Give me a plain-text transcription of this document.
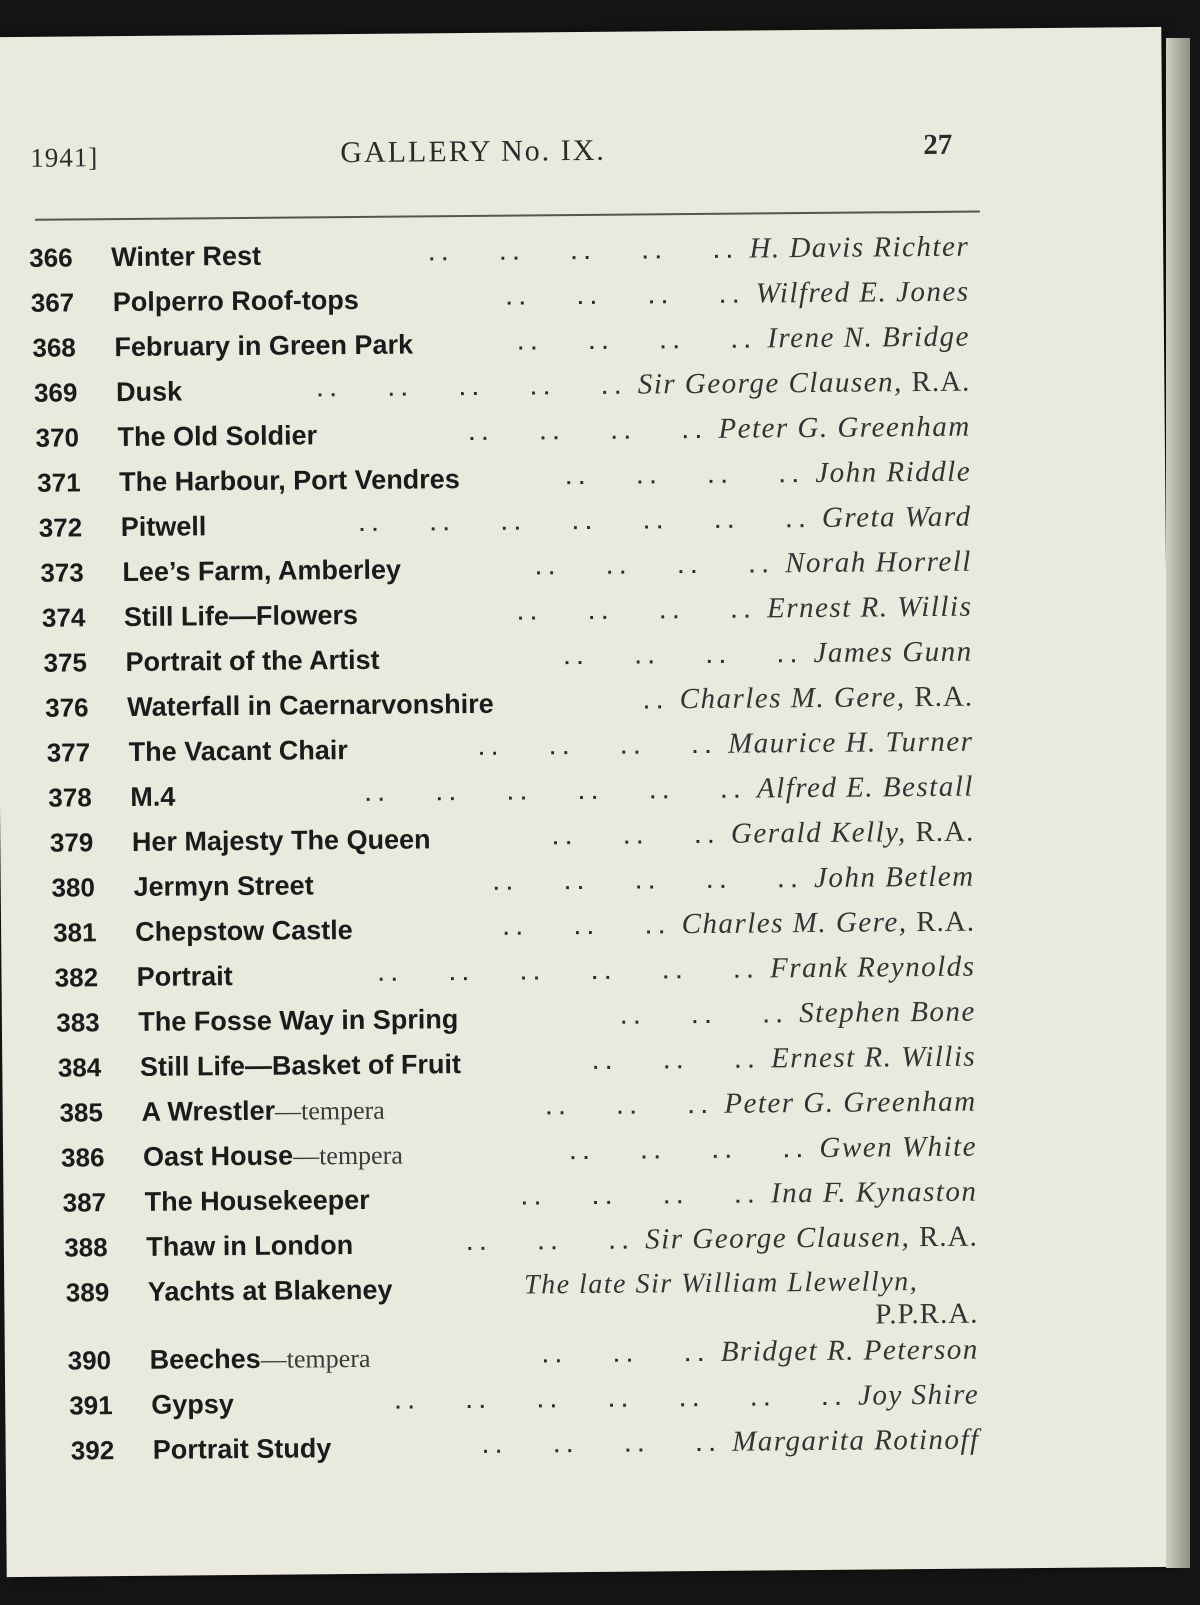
1941]	GALLERY No. IX.	27
366	Winter Rest	H. Davis Richter
..   ..   ..   ..   ..
367	Polperro Roof-tops	Wilfred E. Jones
..   ..   ..   ..
368	February in Green Park	Irene N. Bridge
..   ..   ..   ..
369	Dusk	Sir George Clausen, R.A.
..   ..   ..   ..   ..
370	The Old Soldier	Peter G. Greenham
..   ..   ..   ..
371	The Harbour, Port Vendres	John Riddle
..   ..   ..   ..
372	Pitwell	Greta Ward
..   ..   ..   ..   ..   ..   ..
373	Lee’s Farm, Amberley	Norah Horrell
..   ..   ..   ..
374	Still Life—Flowers	Ernest R. Willis
..   ..   ..   ..
375	Portrait of the Artist	James Gunn
..   ..   ..   ..
376	Waterfall in Caernarvonshire	Charles M. Gere, R.A.
..
377	The Vacant Chair	Maurice H. Turner
..   ..   ..   ..
378	M.4	Alfred E. Bestall
..   ..   ..   ..   ..   ..
379	Her Majesty The Queen	Gerald Kelly, R.A.
..   ..   ..
380	Jermyn Street	John Betlem
..   ..   ..   ..   ..
381	Chepstow Castle	Charles M. Gere, R.A.
..   ..   ..
382	Portrait	Frank Reynolds
..   ..   ..   ..   ..   ..
383	The Fosse Way in Spring	Stephen Bone
..   ..   ..
384	Still Life—Basket of Fruit	Ernest R. Willis
..   ..   ..
385	A Wrestler—tempera	Peter G. Greenham
..   ..   ..
386	Oast House—tempera	Gwen White
..   ..   ..   ..
387	The Housekeeper	Ina F. Kynaston
..   ..   ..   ..
388	Thaw in London	Sir George Clausen, R.A.
..   ..   ..
389	Yachts at Blakeney	The late Sir William Llewellyn,
P.P.R.A.
390	Beeches—tempera	Bridget R. Peterson
..   ..   ..
391	Gypsy	Joy Shire
..   ..   ..   ..   ..   ..   ..
392	Portrait Study	Margarita Rotinoff
..   ..   ..   ..
